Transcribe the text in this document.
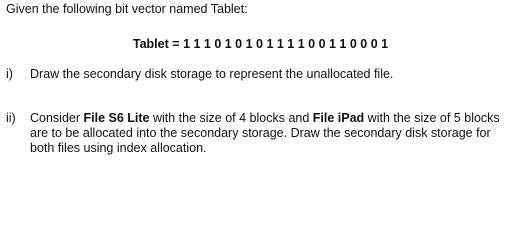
Given the following bit vector named Tablet:
Tablet = 1 1 1 0 1 0 1 0 1 1 1 1 0 0 1 1 0 0 0 1
i)	Draw the secondary disk storage to represent the unallocated file.
ii)	Consider File S6 Lite with the size of 4 blocks and File iPad with the size of 5 blocks are to be allocated into the secondary storage. Draw the secondary disk storage for both files using index allocation.
